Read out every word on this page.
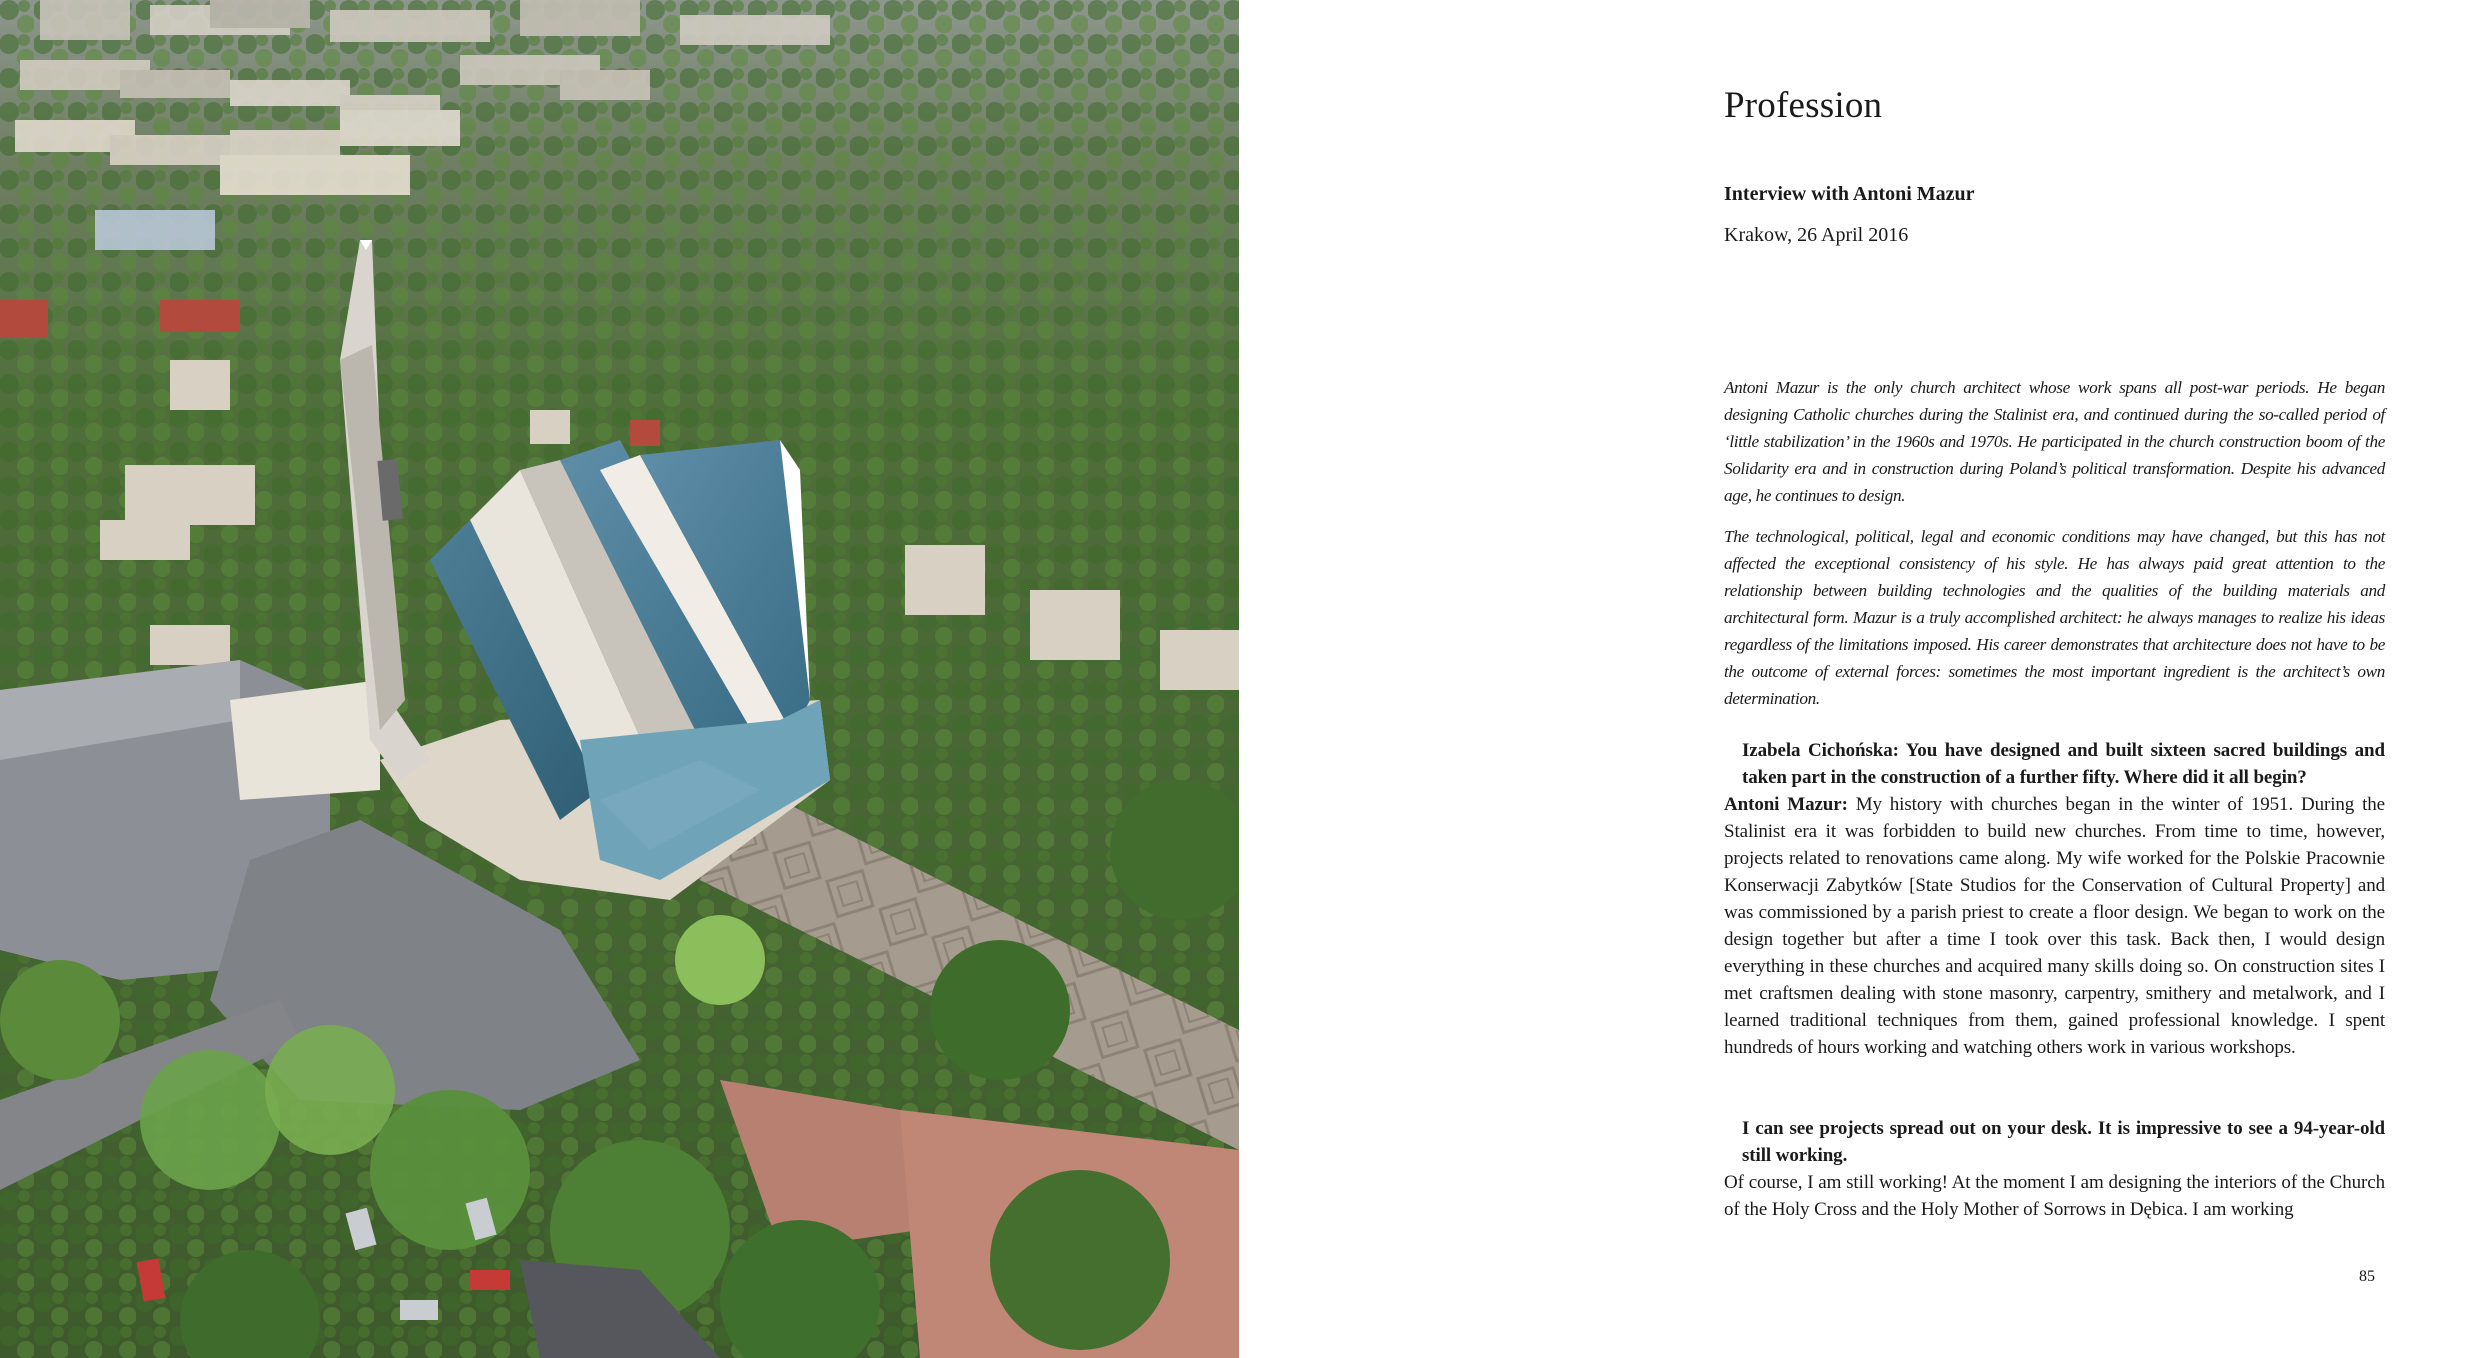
Profession

Interview with Antoni Mazur

Krakow, 26 April 2016

Antoni Mazur is the only church architect whose work spans all post-war periods. He began designing Catholic churches during the Stalinist era, and continued during the so-called period of ‘little stabilization’ in the 1960s and 1970s. He participated in the church construction boom of the Solidarity era and in construction during Poland’s political transformation. Despite his advanced age, he continues to design.

The technological, political, legal and economic conditions may have changed, but this has not affected the exceptional consistency of his style. He has always paid great attention to the relationship between building technologies and the qualities of the building materials and architectural form. Mazur is a truly accomplished architect: he always manages to realize his ideas regardless of the limitations imposed. His career demonstrates that architecture does not have to be the outcome of external forces: sometimes the most important ingredient is the architect’s own determination.

Izabela Cichońska: You have designed and built sixteen sacred buildings and taken part in the construction of a further fifty. Where did it all begin?

Antoni Mazur: My history with churches began in the winter of 1951. During the Stalinist era it was forbidden to build new churches. From time to time, however, projects related to renovations came along. My wife worked for the Polskie Pracownie Konserwacji Zabytków [State Studios for the Conservation of Cultural Property] and was commissioned by a parish priest to create a floor design. We began to work on the design together but after a time I took over this task. Back then, I would design everything in these churches and acquired many skills doing so. On construction sites I met craftsmen dealing with stone masonry, carpentry, smithery and metalwork, and I learned traditional techniques from them, gained professional knowledge. I spent hundreds of hours working and watching others work in various workshops.

I can see projects spread out on your desk. It is impressive to see a 94-year-old still working.

Of course, I am still working! At the moment I am designing the interiors of the Church of the Holy Cross and the Holy Mother of Sorrows in Dębica. I am working

85
